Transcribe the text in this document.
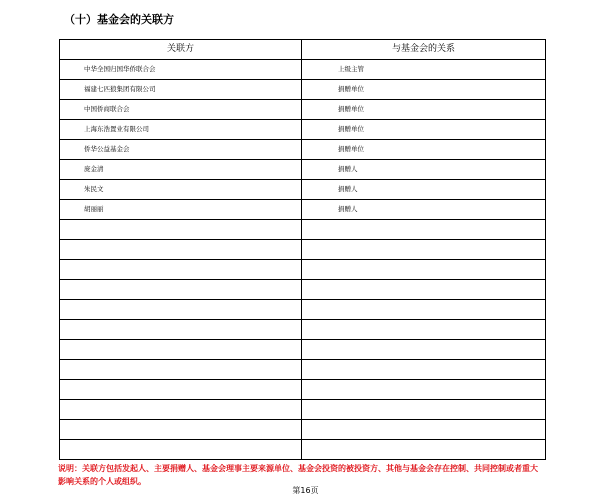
（十）基金会的关联方
关联方	与基金会的关系
中华全国归国华侨联合会	上级主管
福建七匹狼集团有限公司	捐赠单位
中国侨商联合会	捐赠单位
上海东浩置业有限公司	捐赠单位
侨华公益基金会	捐赠单位
庞金清	捐赠人
朱民文	捐赠人
胡丽丽	捐赠人

说明：关联方包括发起人、主要捐赠人、基金会理事主要来源单位、基金会投资的被投资方、其他与基金会存在控制、共同控制或者重大影响关系的个人或组织。
第16页
